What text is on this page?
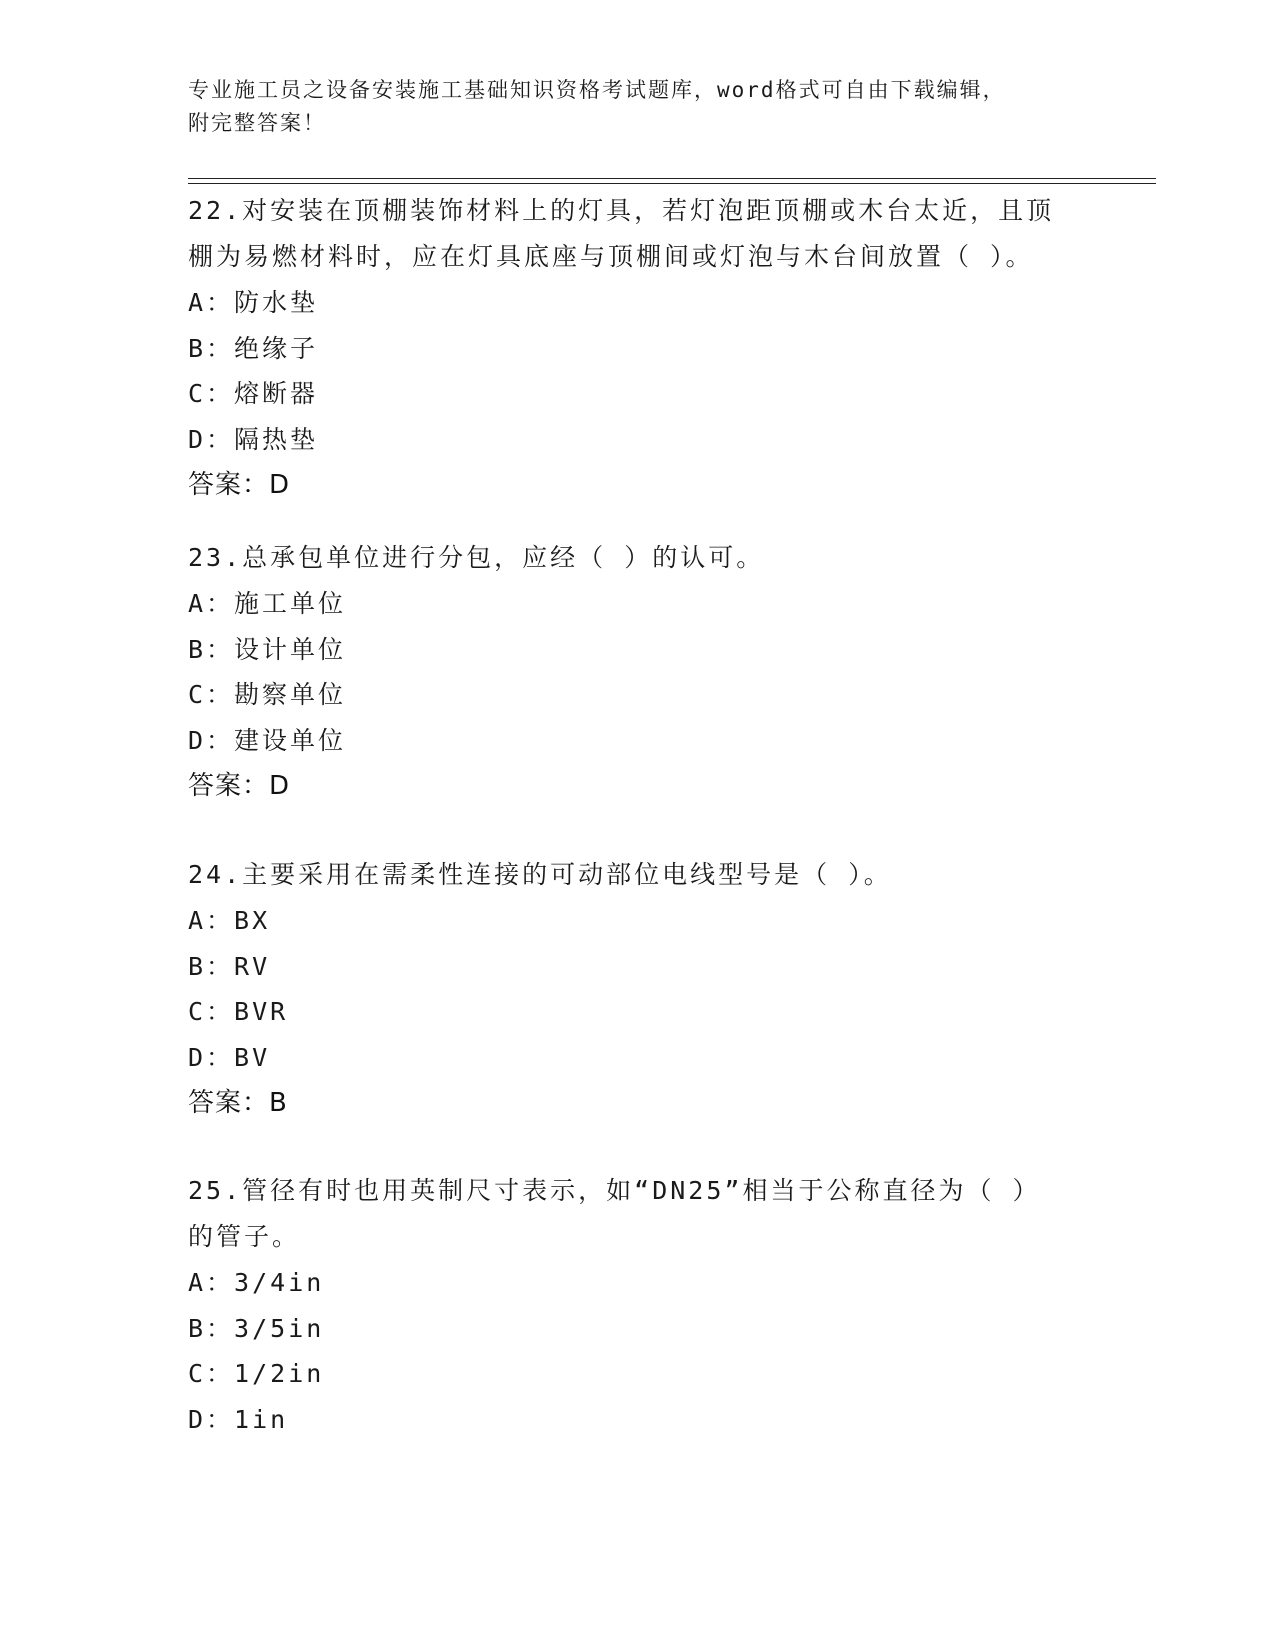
专业施工员之设备安装施工基础知识资格考试题库，word格式可自由下载编辑，
附完整答案！
22.对安装在顶棚装饰材料上的灯具，若灯泡距顶棚或木台太近，且顶
棚为易燃材料时，应在灯具底座与顶棚间或灯泡与木台间放置（ ）。
A：防水垫
B：绝缘子
C：熔断器
D：隔热垫
答案：D
23.总承包单位进行分包，应经（ ）的认可。
A：施工单位
B：设计单位
C：勘察单位
D：建设单位
答案：D
24.主要采用在需柔性连接的可动部位电线型号是（ ）。
A：BX
B：RV
C：BVR
D：BV
答案：B
25.管径有时也用英制尺寸表示，如“DN25”相当于公称直径为（ ）
的管子。
A：3/4in
B：3/5in
C：1/2in
D：1in
